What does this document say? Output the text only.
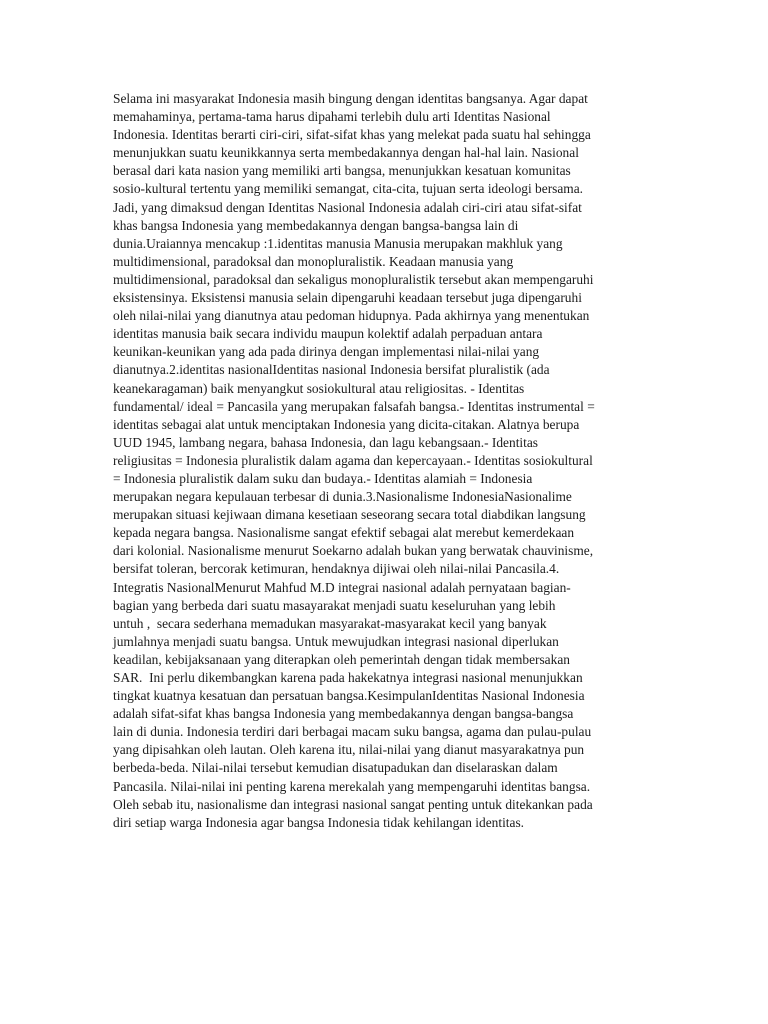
Selama ini masyarakat Indonesia masih bingung dengan identitas bangsanya. Agar dapat
memahaminya, pertama-tama harus dipahami terlebih dulu arti Identitas Nasional
Indonesia. Identitas berarti ciri-ciri, sifat-sifat khas yang melekat pada suatu hal sehingga
menunjukkan suatu keunikkannya serta membedakannya dengan hal-hal lain. Nasional
berasal dari kata nasion yang memiliki arti bangsa, menunjukkan kesatuan komunitas
sosio-kultural tertentu yang memiliki semangat, cita-cita, tujuan serta ideologi bersama.
Jadi, yang dimaksud dengan Identitas Nasional Indonesia adalah ciri-ciri atau sifat-sifat
khas bangsa Indonesia yang membedakannya dengan bangsa-bangsa lain di
dunia.Uraiannya mencakup :1.identitas manusia Manusia merupakan makhluk yang
multidimensional, paradoksal dan monopluralistik. Keadaan manusia yang
multidimensional, paradoksal dan sekaligus monopluralistik tersebut akan mempengaruhi
eksistensinya. Eksistensi manusia selain dipengaruhi keadaan tersebut juga dipengaruhi
oleh nilai-nilai yang dianutnya atau pedoman hidupnya. Pada akhirnya yang menentukan
identitas manusia baik secara individu maupun kolektif adalah perpaduan antara
keunikan-keunikan yang ada pada dirinya dengan implementasi nilai-nilai yang
dianutnya.2.identitas nasionalIdentitas nasional Indonesia bersifat pluralistik (ada
keanekaragaman) baik menyangkut sosiokultural atau religiositas. - Identitas
fundamental/ ideal = Pancasila yang merupakan falsafah bangsa.- Identitas instrumental =
identitas sebagai alat untuk menciptakan Indonesia yang dicita-citakan. Alatnya berupa
UUD 1945, lambang negara, bahasa Indonesia, dan lagu kebangsaan.- Identitas
religiusitas = Indonesia pluralistik dalam agama dan kepercayaan.- Identitas sosiokultural
= Indonesia pluralistik dalam suku dan budaya.- Identitas alamiah = Indonesia
merupakan negara kepulauan terbesar di dunia.3.Nasionalisme IndonesiaNasionalime
merupakan situasi kejiwaan dimana kesetiaan seseorang secara total diabdikan langsung
kepada negara bangsa. Nasionalisme sangat efektif sebagai alat merebut kemerdekaan
dari kolonial. Nasionalisme menurut Soekarno adalah bukan yang berwatak chauvinisme,
bersifat toleran, bercorak ketimuran, hendaknya dijiwai oleh nilai-nilai Pancasila.4.
Integratis NasionalMenurut Mahfud M.D integrai nasional adalah pernyataan bagian-
bagian yang berbeda dari suatu masayarakat menjadi suatu keseluruhan yang lebih
untuh ,  secara sederhana memadukan masyarakat-masyarakat kecil yang banyak
jumlahnya menjadi suatu bangsa. Untuk mewujudkan integrasi nasional diperlukan
keadilan, kebijaksanaan yang diterapkan oleh pemerintah dengan tidak membersakan
SAR.  Ini perlu dikembangkan karena pada hakekatnya integrasi nasional menunjukkan
tingkat kuatnya kesatuan dan persatuan bangsa.KesimpulanIdentitas Nasional Indonesia
adalah sifat-sifat khas bangsa Indonesia yang membedakannya dengan bangsa-bangsa
lain di dunia. Indonesia terdiri dari berbagai macam suku bangsa, agama dan pulau-pulau
yang dipisahkan oleh lautan. Oleh karena itu, nilai-nilai yang dianut masyarakatnya pun
berbeda-beda. Nilai-nilai tersebut kemudian disatupadukan dan diselaraskan dalam
Pancasila. Nilai-nilai ini penting karena merekalah yang mempengaruhi identitas bangsa.
Oleh sebab itu, nasionalisme dan integrasi nasional sangat penting untuk ditekankan pada
diri setiap warga Indonesia agar bangsa Indonesia tidak kehilangan identitas.
